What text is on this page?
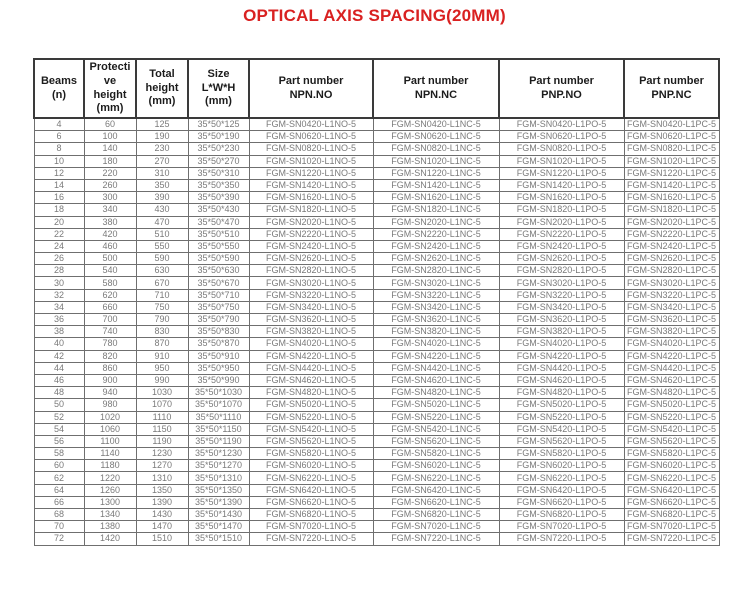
OPTICAL AXIS SPACING(20MM)
Beams
(n)	Protecti
ve
height
(mm)	Total
height
(mm)	Size
L*W*H
(mm)	Part number
NPN.NO	Part number
NPN.NC	Part number
PNP.NO	Part number
PNP.NC
4	60	125	35*50*125	FGM-SN0420-L1NO-5	FGM-SN0420-L1NC-5	FGM-SN0420-L1PO-5	FGM-SN0420-L1PC-5
6	100	190	35*50*190	FGM-SN0620-L1NO-5	FGM-SN0620-L1NC-5	FGM-SN0620-L1PO-5	FGM-SN0620-L1PC-5
8	140	230	35*50*230	FGM-SN0820-L1NO-5	FGM-SN0820-L1NC-5	FGM-SN0820-L1PO-5	FGM-SN0820-L1PC-5
10	180	270	35*50*270	FGM-SN1020-L1NO-5	FGM-SN1020-L1NC-5	FGM-SN1020-L1PO-5	FGM-SN1020-L1PC-5
12	220	310	35*50*310	FGM-SN1220-L1NO-5	FGM-SN1220-L1NC-5	FGM-SN1220-L1PO-5	FGM-SN1220-L1PC-5
14	260	350	35*50*350	FGM-SN1420-L1NO-5	FGM-SN1420-L1NC-5	FGM-SN1420-L1PO-5	FGM-SN1420-L1PC-5
16	300	390	35*50*390	FGM-SN1620-L1NO-5	FGM-SN1620-L1NC-5	FGM-SN1620-L1PO-5	FGM-SN1620-L1PC-5
18	340	430	35*50*430	FGM-SN1820-L1NO-5	FGM-SN1820-L1NC-5	FGM-SN1820-L1PO-5	FGM-SN1820-L1PC-5
20	380	470	35*50*470	FGM-SN2020-L1NO-5	FGM-SN2020-L1NC-5	FGM-SN2020-L1PO-5	FGM-SN2020-L1PC-5
22	420	510	35*50*510	FGM-SN2220-L1NO-5	FGM-SN2220-L1NC-5	FGM-SN2220-L1PO-5	FGM-SN2220-L1PC-5
24	460	550	35*50*550	FGM-SN2420-L1NO-5	FGM-SN2420-L1NC-5	FGM-SN2420-L1PO-5	FGM-SN2420-L1PC-5
26	500	590	35*50*590	FGM-SN2620-L1NO-5	FGM-SN2620-L1NC-5	FGM-SN2620-L1PO-5	FGM-SN2620-L1PC-5
28	540	630	35*50*630	FGM-SN2820-L1NO-5	FGM-SN2820-L1NC-5	FGM-SN2820-L1PO-5	FGM-SN2820-L1PC-5
30	580	670	35*50*670	FGM-SN3020-L1NO-5	FGM-SN3020-L1NC-5	FGM-SN3020-L1PO-5	FGM-SN3020-L1PC-5
32	620	710	35*50*710	FGM-SN3220-L1NO-5	FGM-SN3220-L1NC-5	FGM-SN3220-L1PO-5	FGM-SN3220-L1PC-5
34	660	750	35*50*750	FGM-SN3420-L1NO-5	FGM-SN3420-L1NC-5	FGM-SN3420-L1PO-5	FGM-SN3420-L1PC-5
36	700	790	35*50*790	FGM-SN3620-L1NO-5	FGM-SN3620-L1NC-5	FGM-SN3620-L1PO-5	FGM-SN3620-L1PC-5
38	740	830	35*50*830	FGM-SN3820-L1NO-5	FGM-SN3820-L1NC-5	FGM-SN3820-L1PO-5	FGM-SN3820-L1PC-5
40	780	870	35*50*870	FGM-SN4020-L1NO-5	FGM-SN4020-L1NC-5	FGM-SN4020-L1PO-5	FGM-SN4020-L1PC-5
42	820	910	35*50*910	FGM-SN4220-L1NO-5	FGM-SN4220-L1NC-5	FGM-SN4220-L1PO-5	FGM-SN4220-L1PC-5
44	860	950	35*50*950	FGM-SN4420-L1NO-5	FGM-SN4420-L1NC-5	FGM-SN4420-L1PO-5	FGM-SN4420-L1PC-5
46	900	990	35*50*990	FGM-SN4620-L1NO-5	FGM-SN4620-L1NC-5	FGM-SN4620-L1PO-5	FGM-SN4620-L1PC-5
48	940	1030	35*50*1030	FGM-SN4820-L1NO-5	FGM-SN4820-L1NC-5	FGM-SN4820-L1PO-5	FGM-SN4820-L1PC-5
50	980	1070	35*50*1070	FGM-SN5020-L1NO-5	FGM-SN5020-L1NC-5	FGM-SN5020-L1PO-5	FGM-SN5020-L1PC-5
52	1020	1110	35*50*1110	FGM-SN5220-L1NO-5	FGM-SN5220-L1NC-5	FGM-SN5220-L1PO-5	FGM-SN5220-L1PC-5
54	1060	1150	35*50*1150	FGM-SN5420-L1NO-5	FGM-SN5420-L1NC-5	FGM-SN5420-L1PO-5	FGM-SN5420-L1PC-5
56	1100	1190	35*50*1190	FGM-SN5620-L1NO-5	FGM-SN5620-L1NC-5	FGM-SN5620-L1PO-5	FGM-SN5620-L1PC-5
58	1140	1230	35*50*1230	FGM-SN5820-L1NO-5	FGM-SN5820-L1NC-5	FGM-SN5820-L1PO-5	FGM-SN5820-L1PC-5
60	1180	1270	35*50*1270	FGM-SN6020-L1NO-5	FGM-SN6020-L1NC-5	FGM-SN6020-L1PO-5	FGM-SN6020-L1PC-5
62	1220	1310	35*50*1310	FGM-SN6220-L1NO-5	FGM-SN6220-L1NC-5	FGM-SN6220-L1PO-5	FGM-SN6220-L1PC-5
64	1260	1350	35*50*1350	FGM-SN6420-L1NO-5	FGM-SN6420-L1NC-5	FGM-SN6420-L1PO-5	FGM-SN6420-L1PC-5
66	1300	1390	35*50*1390	FGM-SN6620-L1NO-5	FGM-SN6620-L1NC-5	FGM-SN6620-L1PO-5	FGM-SN6620-L1PC-5
68	1340	1430	35*50*1430	FGM-SN6820-L1NO-5	FGM-SN6820-L1NC-5	FGM-SN6820-L1PO-5	FGM-SN6820-L1PC-5
70	1380	1470	35*50*1470	FGM-SN7020-L1NO-5	FGM-SN7020-L1NC-5	FGM-SN7020-L1PO-5	FGM-SN7020-L1PC-5
72	1420	1510	35*50*1510	FGM-SN7220-L1NO-5	FGM-SN7220-L1NC-5	FGM-SN7220-L1PO-5	FGM-SN7220-L1PC-5
